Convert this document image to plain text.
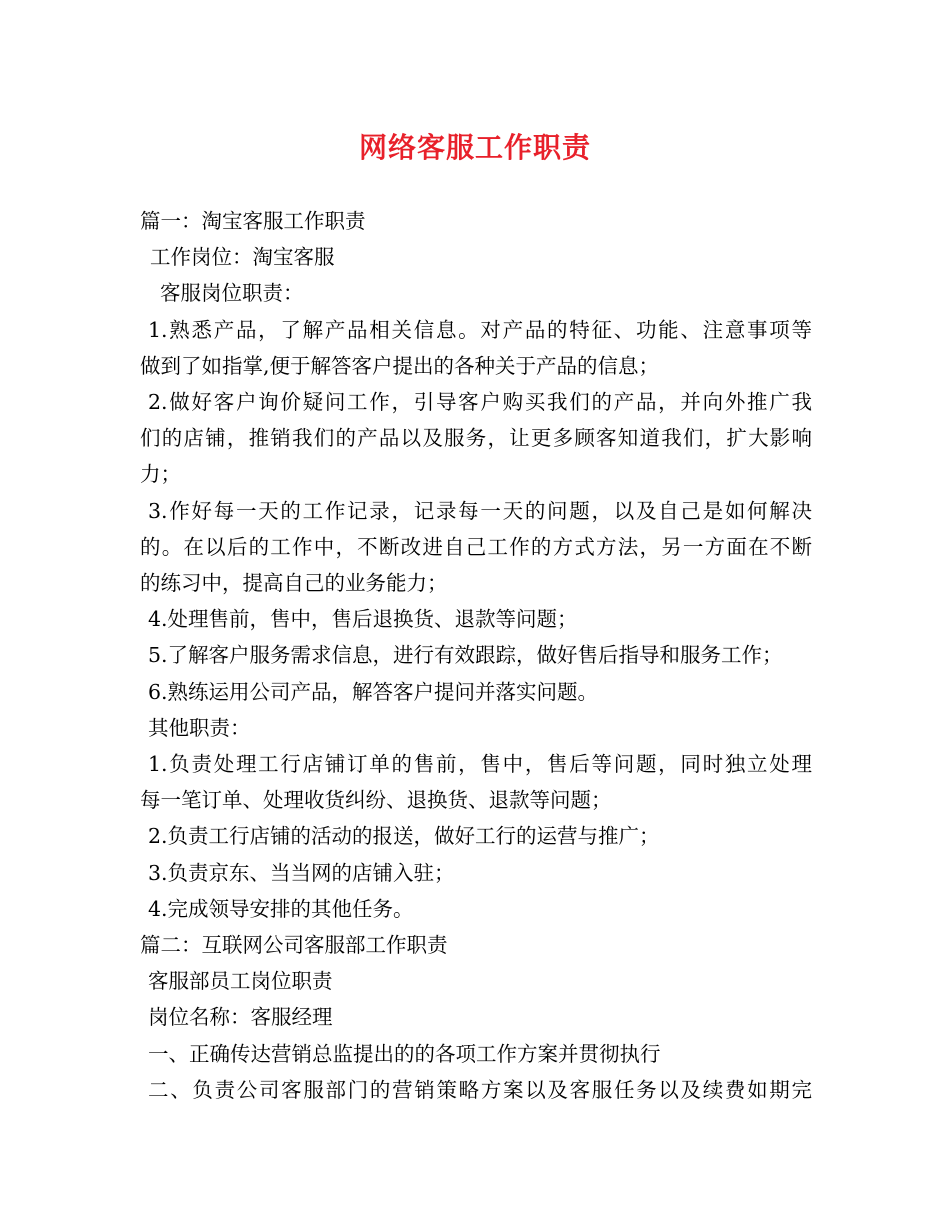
网络客服工作职责
篇一：淘宝客服工作职责
工作岗位：淘宝客服
客服岗位职责：
1.熟悉产品，了解产品相关信息。对产品的特征、功能、注意事项等
做到了如指掌,便于解答客户提出的各种关于产品的信息；
2.做好客户询价疑问工作，引导客户购买我们的产品，并向外推广我
们的店铺，推销我们的产品以及服务，让更多顾客知道我们，扩大影响
力；
3.作好每一天的工作记录，记录每一天的问题，以及自己是如何解决
的。在以后的工作中，不断改进自己工作的方式方法，另一方面在不断
的练习中，提高自己的业务能力；
4.处理售前，售中，售后退换货、退款等问题；
5.了解客户服务需求信息，进行有效跟踪，做好售后指导和服务工作；
6.熟练运用公司产品，解答客户提问并落实问题。
其他职责：
1.负责处理工行店铺订单的售前，售中，售后等问题，同时独立处理
每一笔订单、处理收货纠纷、退换货、退款等问题；
2.负责工行店铺的活动的报送，做好工行的运营与推广；
3.负责京东、当当网的店铺入驻；
4.完成领导安排的其他任务。
篇二：互联网公司客服部工作职责
客服部员工岗位职责
岗位名称：客服经理
一、正确传达营销总监提出的的各项工作方案并贯彻执行
二、负责公司客服部门的营销策略方案以及客服任务以及续费如期完
